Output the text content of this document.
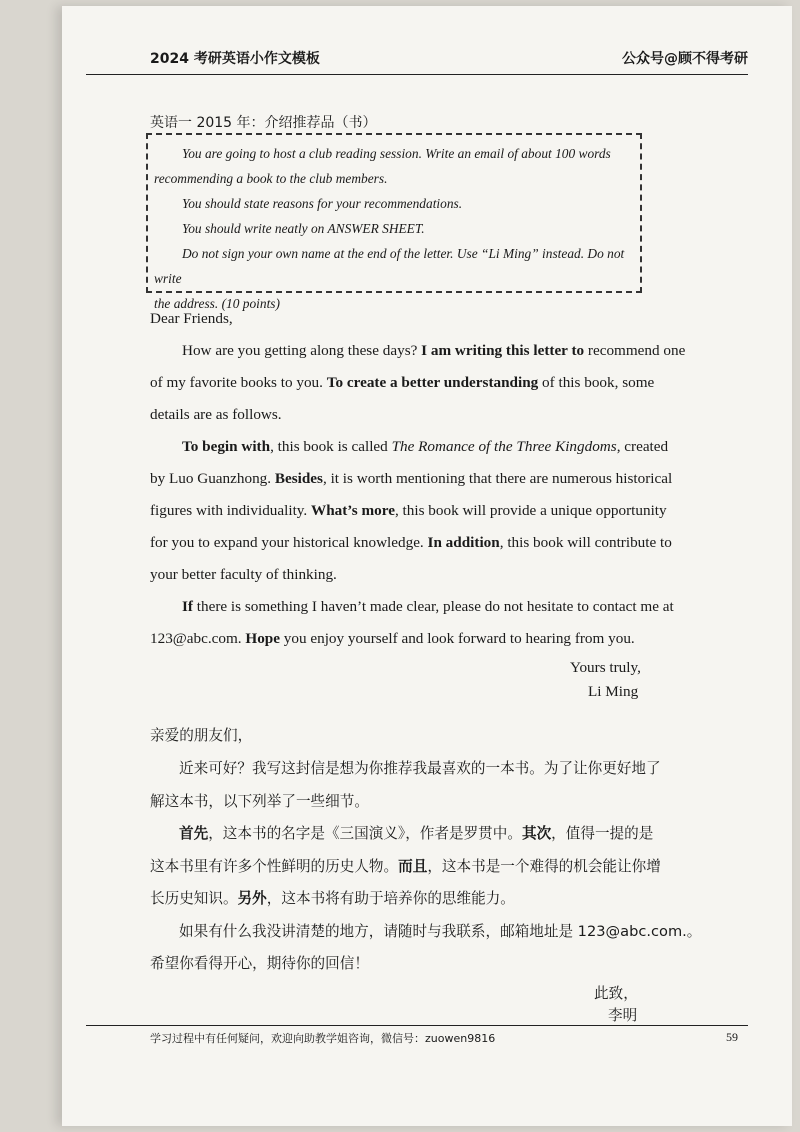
2024 考研英语小作文模板	公众号@顾不得考研
英语一 2015 年：介绍推荐品（书）

You are going to host a club reading session. Write an email of about 100 words

recommending a book to the club members.

You should state reasons for your recommendations.

You should write neatly on ANSWER SHEET.

Do not sign your own name at the end of the letter. Use “Li Ming” instead. Do not write

the address. (10 points)

Dear Friends,
How are you getting along these days? I am writing this letter to recommend one
of my favorite books to you. To create a better understanding of this book, some
details are as follows.
To begin with, this book is called The Romance of the Three Kingdoms, created
by Luo Guanzhong. Besides, it is worth mentioning that there are numerous historical
figures with individuality. What’s more, this book will provide a unique opportunity
for you to expand your historical knowledge. In addition, this book will contribute to
your better faculty of thinking.
If there is something I haven’t made clear, please do not hesitate to contact me at
123@abc.com. Hope you enjoy yourself and look forward to hearing from you.
Yours truly,
Li Ming
亲爱的朋友们，
近来可好？我写这封信是想为你推荐我最喜欢的一本书。为了让你更好地了
解这本书，以下列举了一些细节。
首先，这本书的名字是《三国演义》，作者是罗贯中。其次，值得一提的是
这本书里有许多个性鲜明的历史人物。而且，这本书是一个难得的机会能让你增
长历史知识。另外，这本书将有助于培养你的思维能力。
如果有什么我没讲清楚的地方，请随时与我联系，邮箱地址是 123@abc.com.。
希望你看得开心，期待你的回信！
此致，
李明
学习过程中有任何疑问，欢迎向助教学姐咨询，微信号：zuowen9816	59
